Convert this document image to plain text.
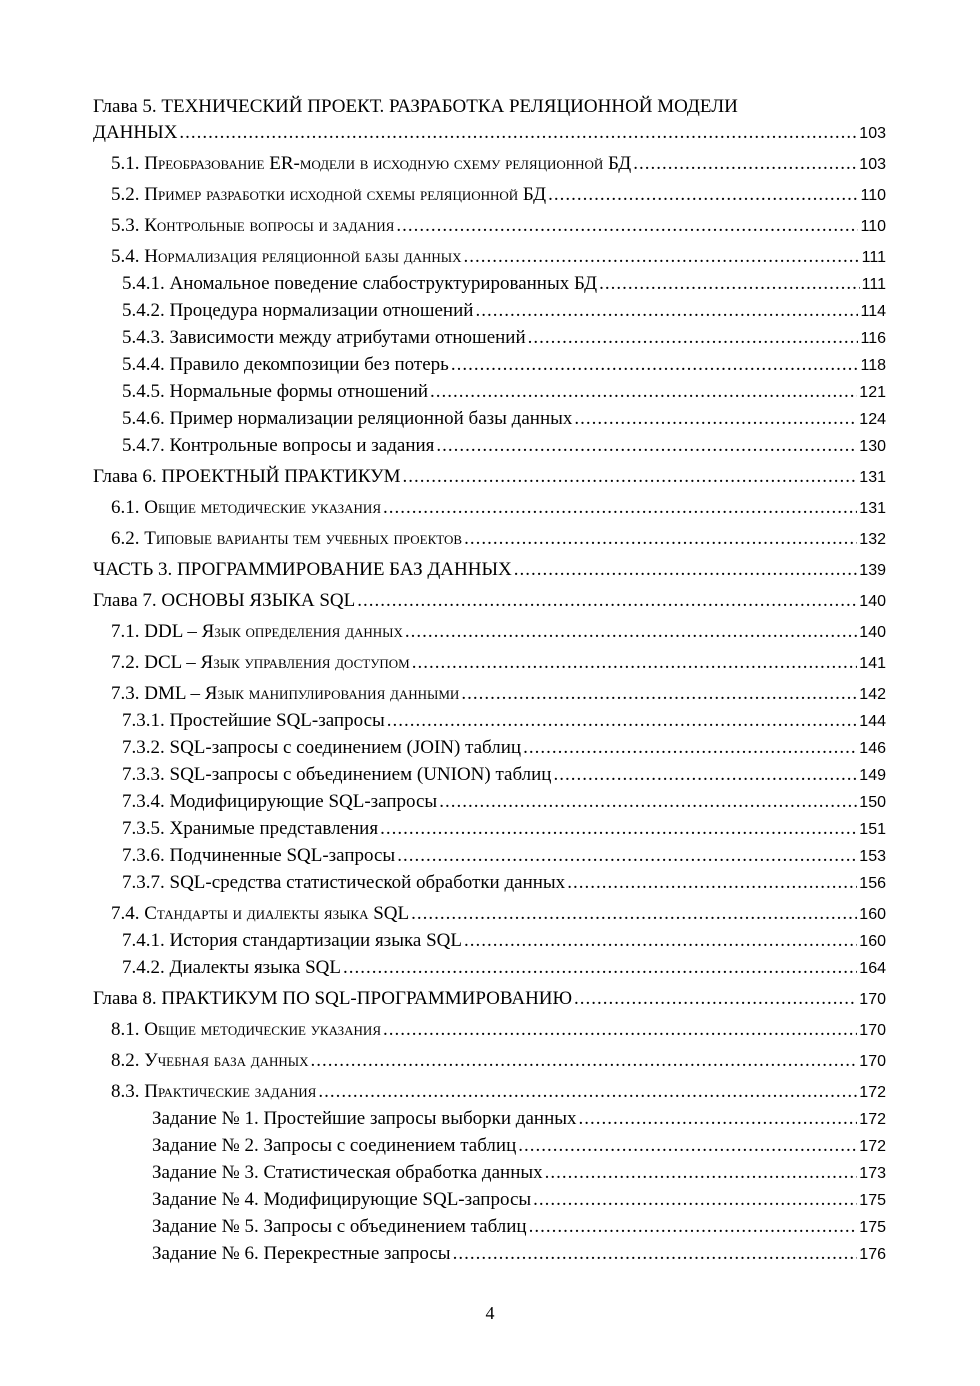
Глава 5. ТЕХНИЧЕСКИЙ ПРОЕКТ. РАЗРАБОТКА РЕЛЯЦИОННОЙ МОДЕЛИ
ДАННЫХ .....	103
5.1. Преобразование ER-модели в исходную схему реляционной БД .....	103
5.2. Пример разработки исходной схемы реляционной БД .....	110
5.3. Контрольные вопросы и задания .....	110
5.4. Нормализация реляционной базы данных .....	111
5.4.1. Аномальное поведение слабоструктурированных БД .....	111
5.4.2. Процедура нормализации отношений .....	114
5.4.3. Зависимости между атрибутами отношений .....	116
5.4.4. Правило декомпозиции без потерь .....	118
5.4.5. Нормальные формы отношений .....	121
5.4.6. Пример нормализации реляционной базы данных .....	124
5.4.7. Контрольные вопросы и задания .....	130
Глава 6. ПРОЕКТНЫЙ ПРАКТИКУМ .....	131
6.1. Общие методические указания .....	131
6.2. Типовые варианты тем учебных проектов .....	132
ЧАСТЬ 3. ПРОГРАММИРОВАНИЕ БАЗ ДАННЫХ .....	139
Глава 7. ОСНОВЫ ЯЗЫКА SQL .....	140
7.1. DDL – Язык определения данных .....	140
7.2. DCL – Язык управления доступом .....	141
7.3. DML – Язык манипулирования данными .....	142
7.3.1. Простейшие SQL-запросы .....	144
7.3.2. SQL-запросы с соединением (JOIN) таблиц .....	146
7.3.3. SQL-запросы с объединением (UNION) таблиц .....	149
7.3.4. Модифицирующие SQL-запросы .....	150
7.3.5. Хранимые представления .....	151
7.3.6. Подчиненные SQL-запросы .....	153
7.3.7. SQL-средства статистической обработки данных .....	156
7.4. Стандарты и диалекты языка SQL .....	160
7.4.1. История стандартизации языка SQL .....	160
7.4.2. Диалекты языка SQL .....	164
Глава 8. ПРАКТИКУМ ПО SQL-ПРОГРАММИРОВАНИЮ .....	170
8.1. Общие методические указания .....	170
8.2. Учебная база данных .....	170
8.3. Практические задания .....	172
Задание № 1. Простейшие запросы выборки данных .....	172
Задание № 2. Запросы с соединением таблиц .....	172
Задание № 3. Статистическая обработка данных .....	173
Задание № 4. Модифицирующие SQL-запросы .....	175
Задание № 5. Запросы с объединением таблиц .....	175
Задание № 6. Перекрестные запросы .....	176
4
